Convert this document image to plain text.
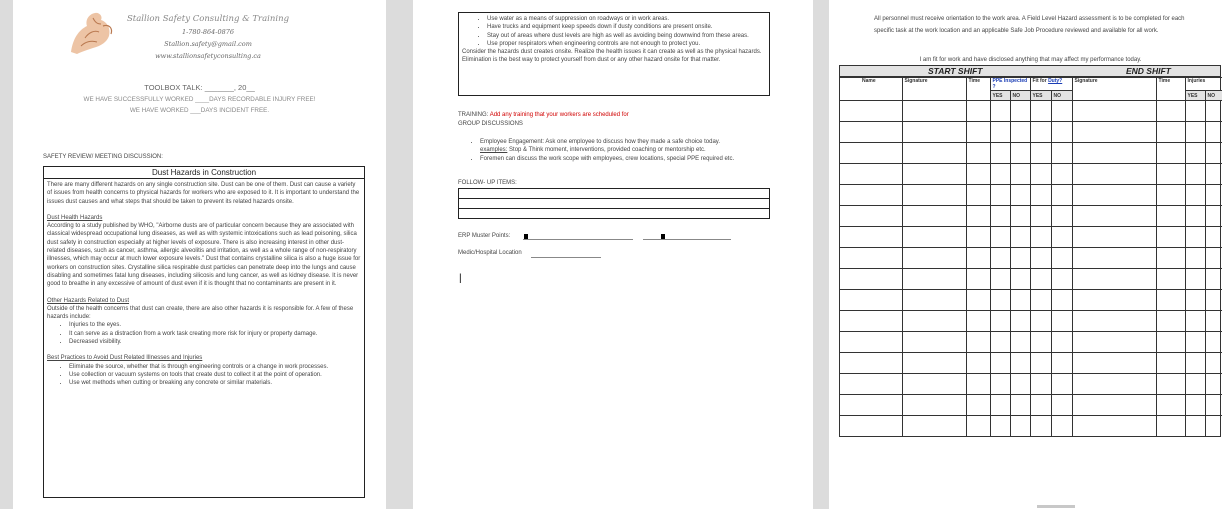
Stallion Safety Consulting & Training
1-780-864-0876
Stallion.safety@gmail.com
www.stallionsafetyconsulting.ca
TOOLBOX TALK: _______, 20__
WE HAVE SUCCESSFULLY WORKED ____DAYS RECORDABLE INJURY FREE!
WE HAVE WORKED ___DAYS INCIDENT FREE.
SAFETY REVIEW/ MEETING DISCUSSION:
Dust Hazards in Construction
There are many different hazards on any single construction site. Dust can be one of them. Dust can cause a variety of issues from health concerns to physical hazards for workers who are exposed to it. It is important to understand the issues dust causes and what steps that should be taken to prevent its related hazards onsite.
Dust Health Hazards
According to a study published by WHO, "Airborne dusts are of particular concern because they are associated with classical widespread occupational lung diseases, as well as with systemic intoxications such as lead poisoning, silica dust safety in construction especially at higher levels of exposure. There is also increasing interest in other dust-related diseases, such as cancer, asthma, allergic alveolitis and irritation, as well as a whole range of non-respiratory illnesses, which may occur at much lower exposure levels." Dust that contains crystalline silica is also a huge issue for workers on construction sites. Crystalline silica respirable dust particles can penetrate deep into the lungs and cause disabling and sometimes fatal lung diseases, including silicosis and lung cancer, as well as kidney disease. It is never good to breathe in any excessive of amount of dust even if it is thought that no contaminants are present in it.
Other Hazards Related to Dust
Outside of the health concerns that dust can create, there are also other hazards it is responsible for. A few of these hazards include:
• Injuries to the eyes.
• It can serve as a distraction from a work task creating more risk for injury or property damage.
• Decreased visibility.
Best Practices to Avoid Dust Related Illnesses and Injuries
• Eliminate the source, whether that is through engineering controls or a change in work processes.
• Use collection or vacuum systems on tools that create dust to collect it at the point of operation.
• Use wet methods when cutting or breaking any concrete or similar materials.
• Use water as a means of suppression on roadways or in work areas.
• Have trucks and equipment keep speeds down if dusty conditions are present onsite.
• Stay out of areas where dust levels are high as well as avoiding being downwind from these areas.
• Use proper respirators when engineering controls are not enough to protect you.
Consider the hazards dust creates onsite. Realize the health issues it can create as well as the physical hazards. Elimination is the best way to protect yourself from dust or any other hazard onsite for that matter.
TRAINING: Add any training that your workers are scheduled for
GROUP DISCUSSIONS
• Employee Engagement: Ask one employee to discuss how they made a safe choice today.
examples: Stop & Think moment, interventions, provided coaching or mentorship etc.
• Foremen can discuss the work scope with employees, crew locations, special PPE required etc.
FOLLOW- UP ITEMS:
ERP Muster Points:
Medic/Hospital Location
|
All personnel must receive orientation to the work area. A Field Level Hazard assessment is to be completed for each specific task at the work location and an applicable Safe Job Procedure reviewed and available for all work.
I am fit for work and have disclosed anything that may affect my performance today.
START SHIFT	END SHIFT
Name	Signature	Time	PPE Inspected ?		Fit for Duty?		Signature	Time	Injuries	
			YES	NO	YES	NO			YES	NO
